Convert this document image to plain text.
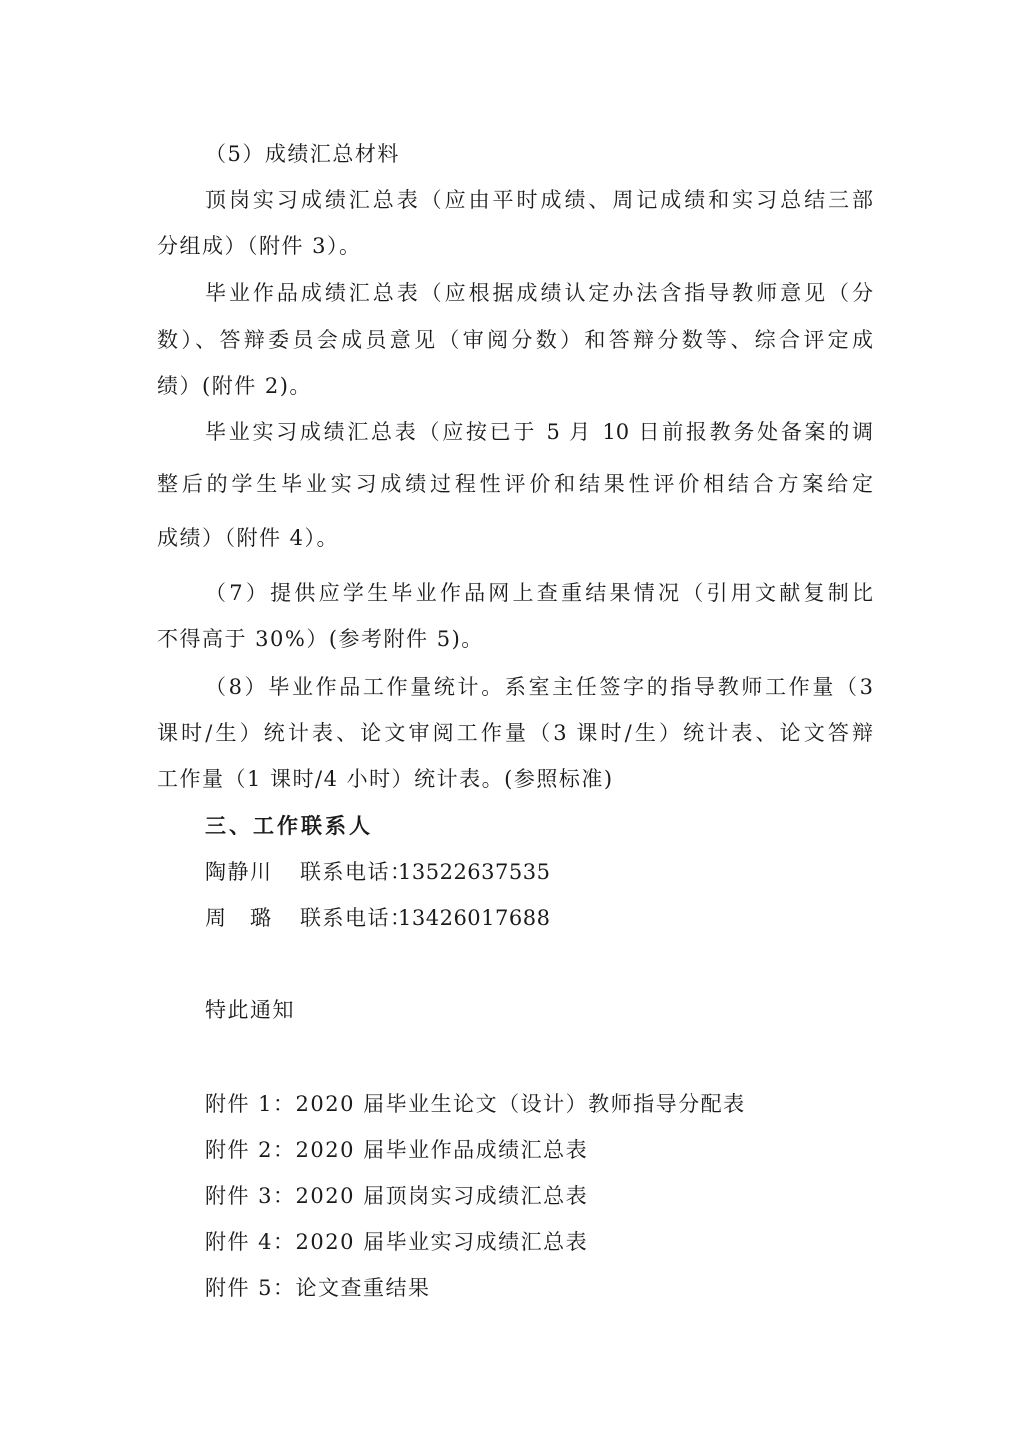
（5）成绩汇总材料
顶岗实习成绩汇总表（应由平时成绩、周记成绩和实习总结三部
分组成）（附件 3）。
毕业作品成绩汇总表（应根据成绩认定办法含指导教师意见（分
数）、答辩委员会成员意见（审阅分数）和答辩分数等、综合评定成
绩）(附件 2)。
毕业实习成绩汇总表（应按已于 5 月 10 日前报教务处备案的调
整后的学生毕业实习成绩过程性评价和结果性评价相结合方案给定
成绩）（附件 4）。
（7）提供应学生毕业作品网上查重结果情况（引用文献复制比
不得高于 30%）(参考附件 5)。
（8）毕业作品工作量统计。系室主任签字的指导教师工作量（3
课时/生）统计表、论文审阅工作量（3 课时/生）统计表、论文答辩
工作量（1 课时/4 小时）统计表。(参照标准)
三、工作联系人
陶静川	联系电话：
13522637535
周　璐	联系电话：
13426017688
特此通知
附件 1：2020 届毕业生论文（设计）教师指导分配表
附件 2：2020 届毕业作品成绩汇总表
附件 3：2020 届顶岗实习成绩汇总表
附件 4：2020 届毕业实习成绩汇总表
附件 5：论文查重结果
